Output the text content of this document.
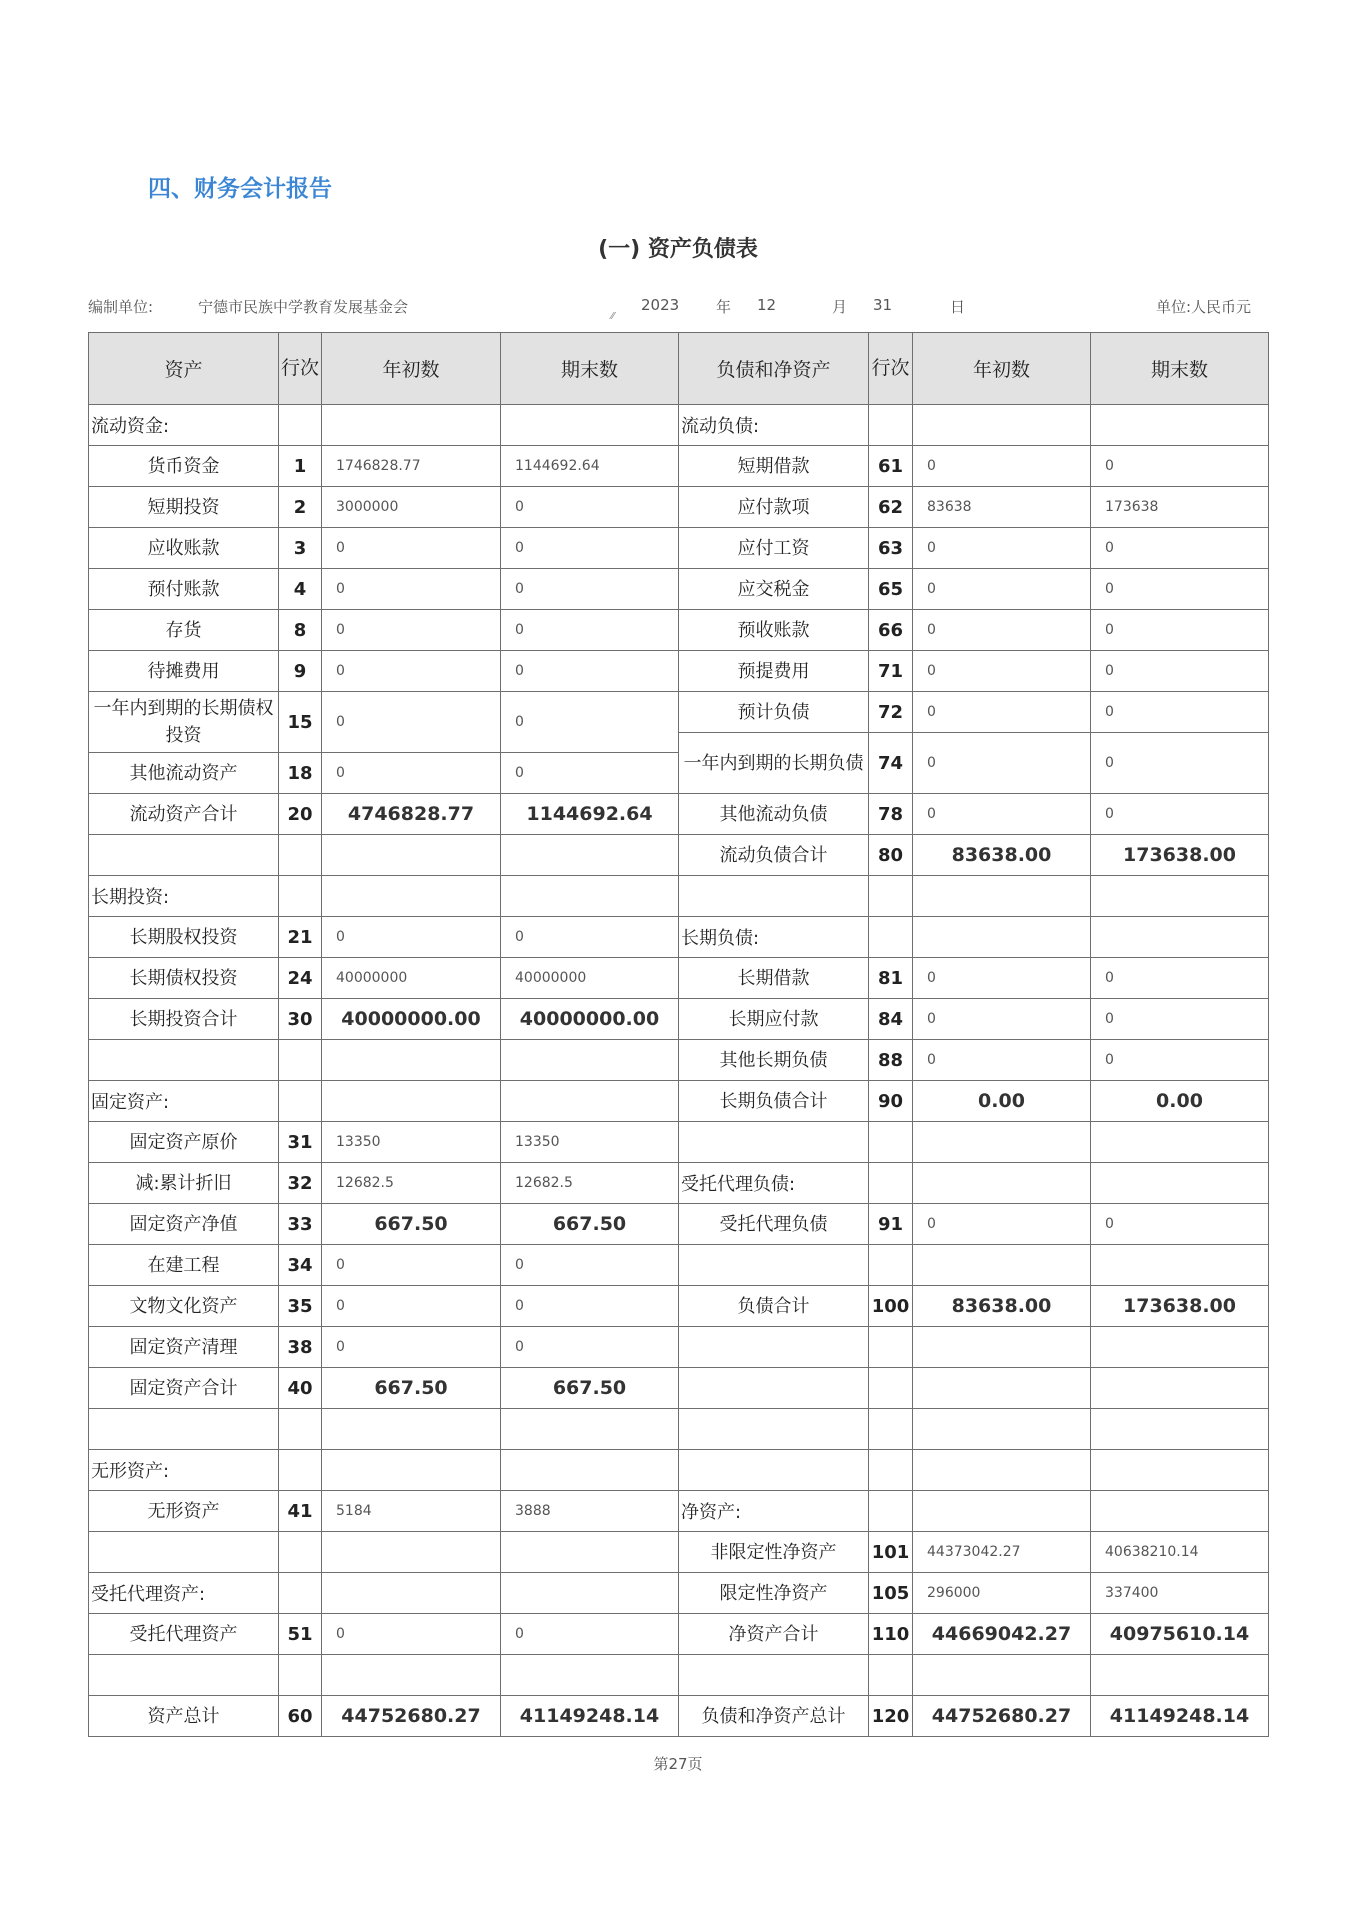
四、财务会计报告
(一) 资产负债表
编制单位:	宁德市民族中学教育发展基金会
⁄⁄
2023 年 12	月 31	日	单位:人民币元
资产	行次	年初数	期末数
流动资金:			
货币资金	1	1746828.77	1144692.64
短期投资	2	3000000	0
应收账款	3	0	0
预付账款	4	0	0
存货	8	0	0
待摊费用	9	0	0
一年内到期的长期债权投资	15	0	0
其他流动资产	18	0	0
流动资产合计	20	4746828.77	1144692.64

长期投资:			
长期股权投资	21	0	0
长期债权投资	24	40000000	40000000
长期投资合计	30	40000000.00	40000000.00

固定资产:			
固定资产原价	31	13350	13350
减:累计折旧	32	12682.5	12682.5
固定资产净值	33	667.50	667.50
在建工程	34	0	0
文物文化资产	35	0	0
固定资产清理	38	0	0
固定资产合计	40	667.50	667.50

无形资产:			
无形资产	41	5184	3888

受托代理资产:			
受托代理资产	51	0	0

资产总计	60	44752680.27	41149248.14
负债和净资产	行次	年初数	期末数
流动负债:			
短期借款	61	0	0
应付款项	62	83638	173638
应付工资	63	0	0
应交税金	65	0	0
预收账款	66	0	0
预提费用	71	0	0
预计负债	72	0	0
一年内到期的长期负债	74	0	0
其他流动负债	78	0	0
流动负债合计	80	83638.00	173638.00

长期负债:			
长期借款	81	0	0
长期应付款	84	0	0
其他长期负债	88	0	0
长期负债合计	90	0.00	0.00

受托代理负债:			
受托代理负债	91	0	0

负债合计	100	83638.00	173638.00

净资产:			
非限定性净资产	101	44373042.27	40638210.14
限定性净资产	105	296000	337400
净资产合计	110	44669042.27	40975610.14

负债和净资产总计	120	44752680.27	41149248.14
第27页
